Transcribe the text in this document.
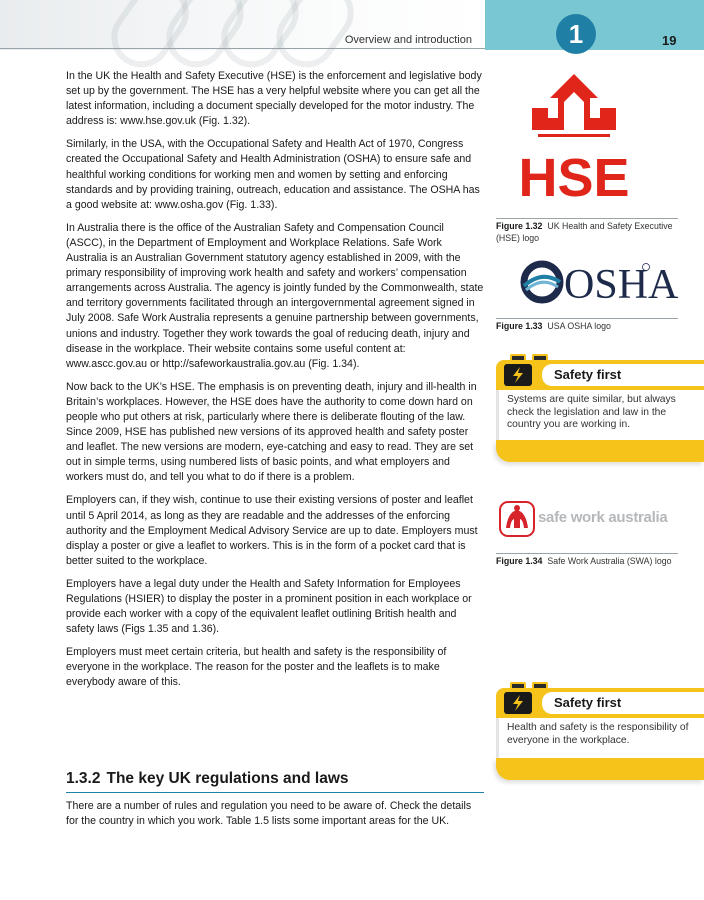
Overview and introduction	1	19

In the UK the Health and Safety Executive (HSE) is the enforcement and legislative body set up by the government. The HSE has a very helpful website where you can get all the latest information, including a document specially developed for the motor industry. The address is: www.hse.gov.uk (Fig. 1.32).

Similarly, in the USA, with the Occupational Safety and Health Act of 1970, Congress created the Occupational Safety and Health Administration (OSHA) to ensure safe and healthful working conditions for working men and women by setting and enforcing standards and by providing training, outreach, education and assistance. The OSHA has a good website at: www.osha.gov (Fig. 1.33).

In Australia there is the office of the Australian Safety and Compensation Council (ASCC), in the Department of Employment and Workplace Relations. Safe Work Australia is an Australian Government statutory agency established in 2009, with the primary responsibility of improving work health and safety and workers’ compensation arrangements across Australia. The agency is jointly funded by the Commonwealth, state and territory governments facilitated through an intergovernmental agreement signed in July 2008. Safe Work Australia represents a genuine partnership between governments, unions and industry. Together they work towards the goal of reducing death, injury and disease in the workplace. Their website contains some useful content at: www.ascc.gov.au or http://safeworkaustralia.gov.au (Fig. 1.34).

Now back to the UK’s HSE. The emphasis is on preventing death, injury and ill-health in Britain’s workplaces. However, the HSE does have the authority to come down hard on people who put others at risk, particularly where there is deliberate flouting of the law. Since 2009, HSE has published new versions of its approved health and safety poster and leaflet. The new versions are modern, eye-catching and easy to read. They are set out in simple terms, using numbered lists of basic points, and what employers and workers must do, and tell you what to do if there is a problem.

Employers can, if they wish, continue to use their existing versions of poster and leaflet until 5 April 2014, as long as they are readable and the addresses of the enforcing authority and the Employment Medical Advisory Service are up to date. Employers must display a poster or give a leaflet to workers. This is in the form of a pocket card that is better suited to the workplace.

Employers have a legal duty under the Health and Safety Information for Employees Regulations (HSIER) to display the poster in a prominent position in each workplace or provide each worker with a copy of the equivalent leaflet outlining British health and safety laws (Figs 1.35 and 1.36).

Employers must meet certain criteria, but health and safety is the responsibility of everyone in the workplace. The reason for the poster and the leaflets is to make everybody aware of this.

1.3.2 The key UK regulations and laws

There are a number of rules and regulation you need to be aware of. Check the details for the country in which you work. Table 1.5 lists some important areas for the UK.

HSE
Figure 1.32 UK Health and Safety Executive (HSE) logo
OSHA
Figure 1.33 USA OSHA logo
Safety first
Systems are quite similar, but always check the legislation and law in the country you are working in.
safe work australia
Figure 1.34 Safe Work Australia (SWA) logo
Safety first
Health and safety is the responsibility of everyone in the workplace.
